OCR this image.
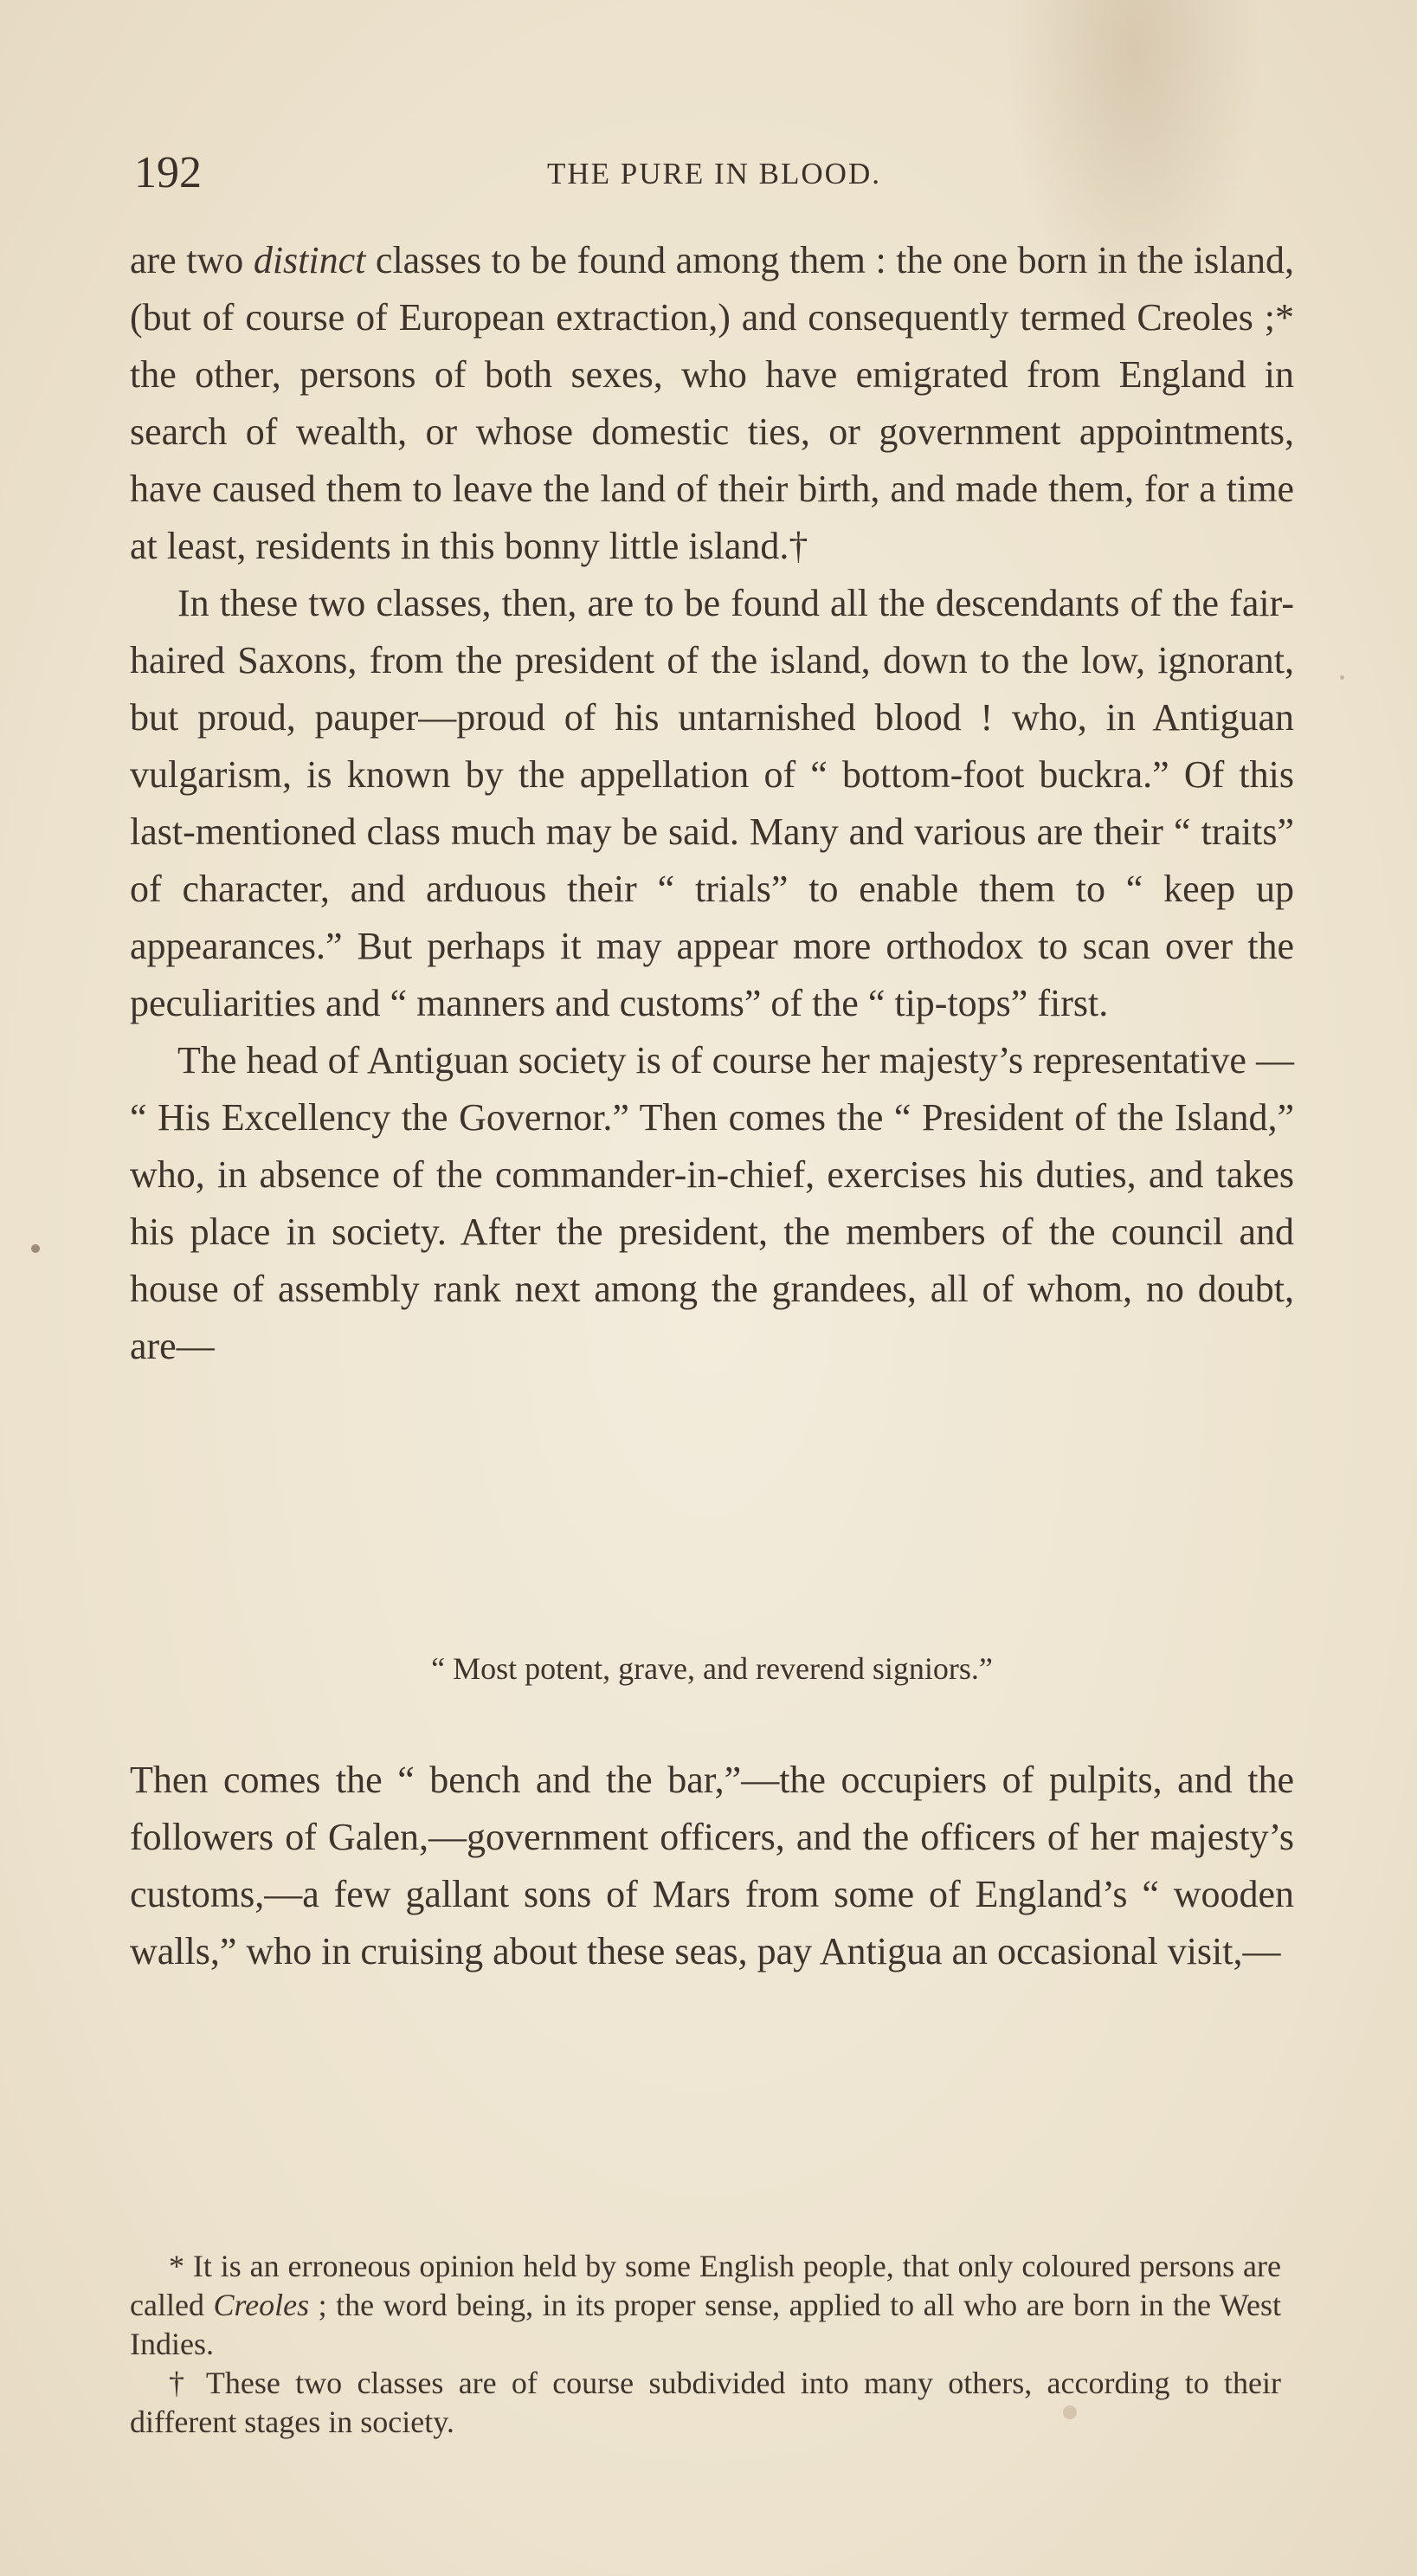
192	THE PURE IN BLOOD.

are two distinct classes to be found among them : the one born in the island, (but of course of European extraction,) and consequently termed Creoles ;* the other, persons of both sexes, who have emigrated from England in search of wealth, or whose domestic ties, or government appointments, have caused them to leave the land of their birth, and made them, for a time at least, residents in this bonny little island.†

In these two classes, then, are to be found all the descendants of the fair-haired Saxons, from the president of the island, down to the low, ignorant, but proud, pauper—proud of his untarnished blood ! who, in Antiguan vulgarism, is known by the appellation of “ bottom-foot buckra.” Of this last-mentioned class much may be said. Many and various are their “ traits” of character, and arduous their “ trials” to enable them to “ keep up appearances.” But perhaps it may appear more orthodox to scan over the peculiarities and “ manners and customs” of the “ tip-tops” first.

The head of Antiguan society is of course her majesty’s representative — “ His Excellency the Governor.” Then comes the “ President of the Island,” who, in absence of the commander-in-chief, exercises his duties, and takes his place in society. After the president, the members of the council and house of assembly rank next among the grandees, all of whom, no doubt, are—

“ Most potent, grave, and reverend signiors.”

Then comes the “ bench and the bar,”—the occupiers of pulpits, and the followers of Galen,—government officers, and the officers of her majesty’s customs,—a few gallant sons of Mars from some of England’s “ wooden walls,” who in cruising about these seas, pay Antigua an occasional visit,—

* It is an erroneous opinion held by some English people, that only coloured persons are called Creoles ; the word being, in its proper sense, applied to all who are born in the West Indies.

† These two classes are of course subdivided into many others, according to their different stages in society.
